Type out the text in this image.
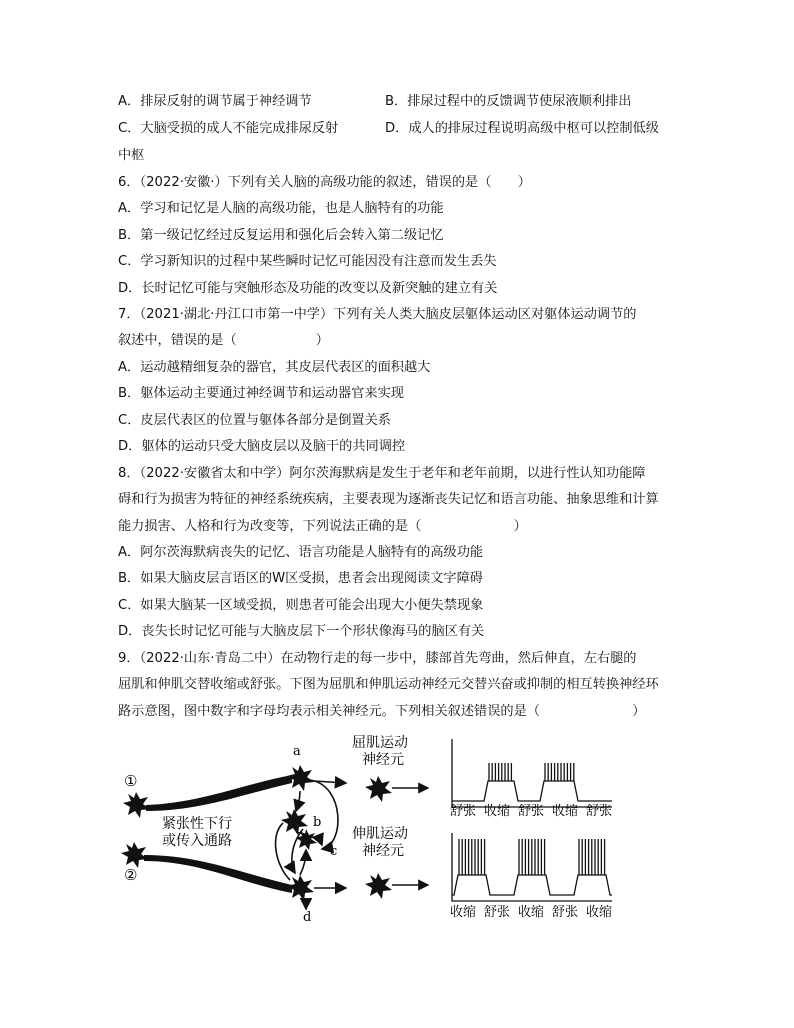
A．排尿反射的调节属于神经调节	B．排尿过程中的反馈调节使尿液顺利排出
C．大脑受损的成人不能完成排尿反射	D．成人的排尿过程说明高级中枢可以控制低级
中枢
6．（2022·安徽·）下列有关人脑的高级功能的叙述，错误的是（　　）
A．学习和记忆是人脑的高级功能，也是人脑特有的功能
B．第一级记忆经过反复运用和强化后会转入第二级记忆
C．学习新知识的过程中某些瞬时记忆可能因没有注意而发生丢失
D．长时记忆可能与突触形态及功能的改变以及新突触的建立有关
7．（2021·湖北·丹江口市第一中学）下列有关人类大脑皮层躯体运动区对躯体运动调节的
叙述中，错误的是（　　　　　　）
A．运动越精细复杂的器官，其皮层代表区的面积越大
B．躯体运动主要通过神经调节和运动器官来实现
C．皮层代表区的位置与躯体各部分是倒置关系
D．躯体的运动只受大脑皮层以及脑干的共同调控
8．（2022·安徽省太和中学）阿尔茨海默病是发生于老年和老年前期，以进行性认知功能障
碍和行为损害为特征的神经系统疾病，主要表现为逐渐丧失记忆和语言功能、抽象思维和计算
能力损害、人格和行为改变等，下列说法正确的是（　　　　　　　）
A．阿尔茨海默病丧失的记忆、语言功能是人脑特有的高级功能
B．如果大脑皮层言语区的W区受损，患者会出现阅读文字障碍
C．如果大脑某一区域受损，则患者可能会出现大小便失禁现象
D．丧失长时记忆可能与大脑皮层下一个形状像海马的脑区有关
9．（2022·山东·青岛二中）在动物行走的每一步中，膝部首先弯曲，然后伸直，左右腿的
屈肌和伸肌交替收缩或舒张。下图为屈肌和伸肌运动神经元交替兴奋或抑制的相互转换神经环
路示意图，图中数字和字母均表示相关神经元。下列相关叙述错误的是（　　　　　　　）
①
②
紧张性下行
或传入通路
a
b
c
d
屈肌运动
神经元
伸肌运动
神经元
舒张 收缩 舒张 收缩 舒张
收缩 舒张 收缩 舒张 收缩
